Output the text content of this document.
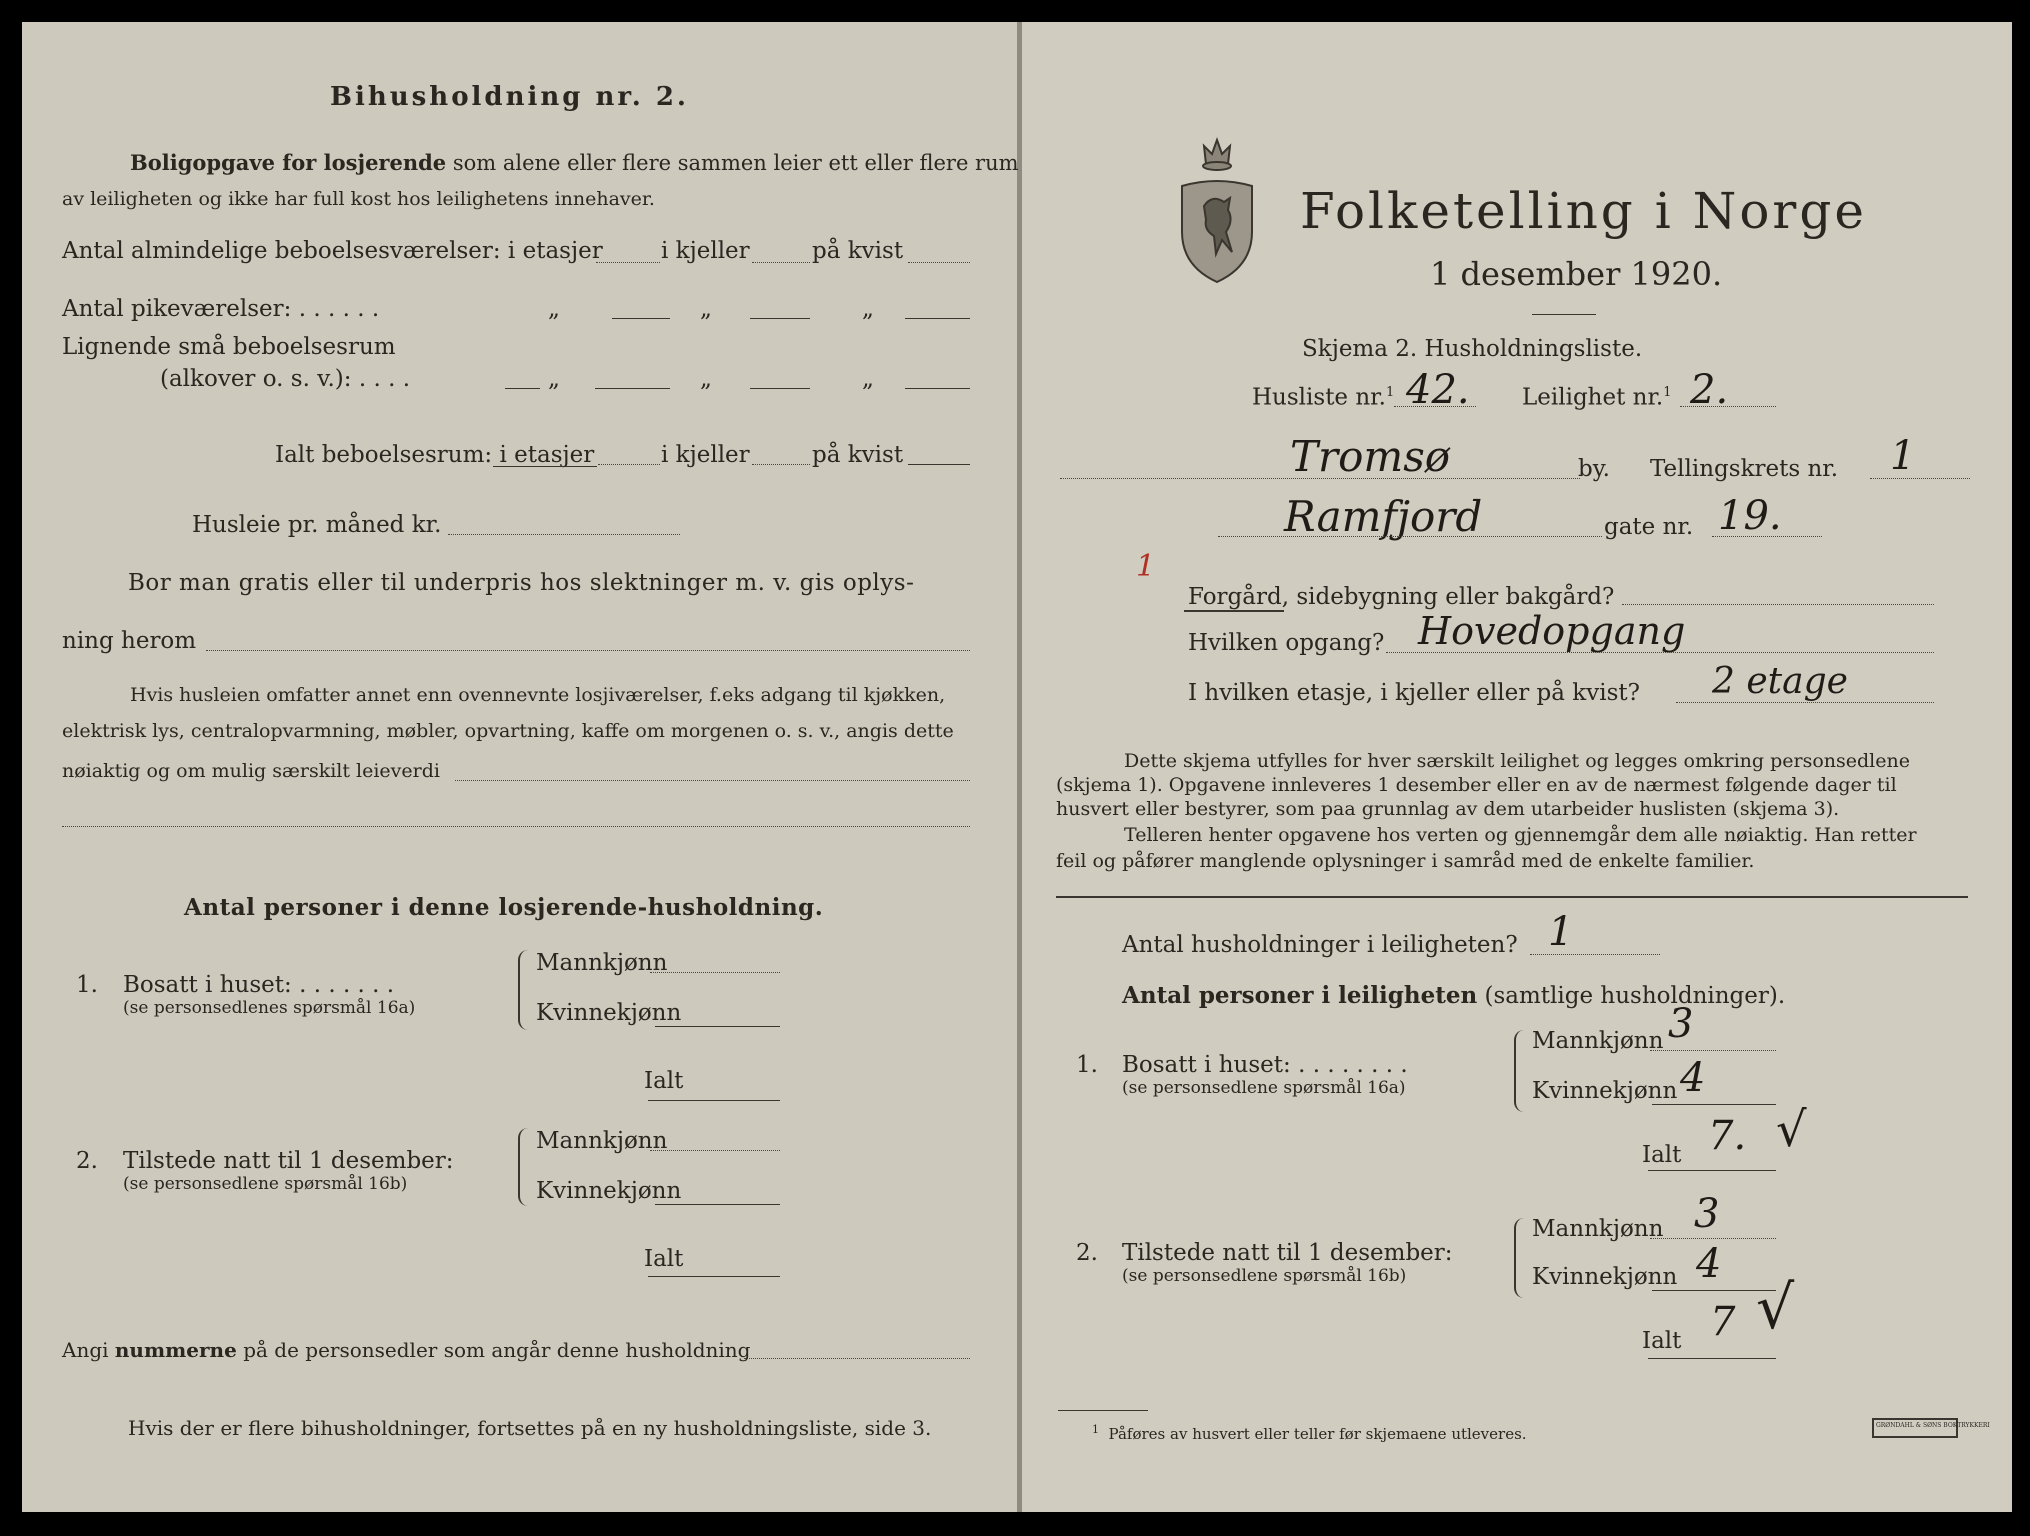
Bihusholdning nr. 2.
Boligopgave for losjerende som alene eller flere sammen leier ett eller flere rum
av leiligheten og ikke har full kost hos leilighetens innehaver.
Antal almindelige beboelsesværelser: i etasjer	i kjeller	på kvist
Antal pikeværelser: . . . . . .	„	„	„
Lignende små beboelsesrum
(alkover o. s. v.): . . . .	„	„	„
Ialt beboelsesrum: i etasjer	i kjeller	på kvist
Husleie pr. måned kr.
Bor man gratis eller til underpris hos slektninger m. v. gis oplys-
ning herom
Hvis husleien omfatter annet enn ovennevnte losjiværelser, f.eks adgang til kjøkken,
elektrisk lys, centralopvarmning, møbler, opvartning, kaffe om morgenen o. s. v., angis dette
nøiaktig og om mulig særskilt leieverdi
Antal personer i denne losjerende-husholdning.
1. Bosatt i huset: . . . . . . .
(se personsedlenes spørsmål 16a)
Mannkjønn
Kvinnekjønn
Ialt
2. Tilstede natt til 1 desember:
(se personsedlene spørsmål 16b)
Mannkjønn
Kvinnekjønn
Ialt
Angi nummerne på de personsedler som angår denne husholdning
Hvis der er flere bihusholdninger, fortsettes på en ny husholdningsliste, side 3.
Folketelling i Norge
1 desember 1920.
Skjema 2. Husholdningsliste.
Husliste nr.$^1$ 42. Leilighet nr.$^1$ 2.
Tromsø	by. Tellingskrets nr. 1
Ramfjord	gate nr. 19.
1
Forgård, sidebygning eller bakgård?
Hvilken opgang? Hovedopgang
I hvilken etasje, i kjeller eller på kvist? 2 etage
Dette skjema utfylles for hver særskilt leilighet og legges omkring personsedlene
(skjema 1). Opgavene innleveres 1 desember eller en av de nærmest følgende dager til
husvert eller bestyrer, som paa grunnlag av dem utarbeider huslisten (skjema 3).
Telleren henter opgavene hos verten og gjennemgår dem alle nøiaktig. Han retter
feil og påfører manglende oplysninger i samråd med de enkelte familier.
Antal husholdninger i leiligheten? 1
Antal personer i leiligheten (samtlige husholdninger).
1. Bosatt i huset: . . . . . . . .
(se personsedlene spørsmål 16a)
Mannkjønn 3
Kvinnekjønn 4
Ialt 7. √
2. Tilstede natt til 1 desember:
(se personsedlene spørsmål 16b)
Mannkjønn 3
Kvinnekjønn 4
Ialt 7 √
$^1$ Påføres av husvert eller teller før skjemaene utleveres.	GRØNDAHL & SØNS BOKTRYKKERI
